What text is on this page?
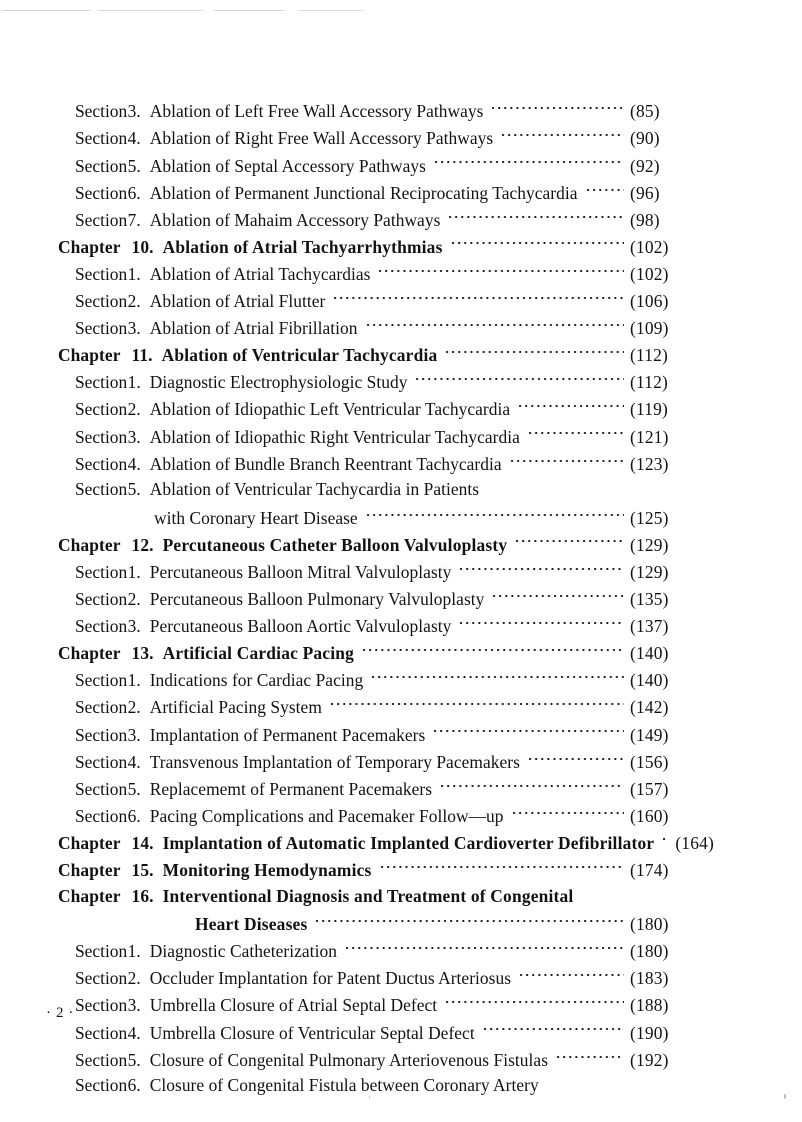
Section 3. Ablation of Left Free Wall Accessory Pathways	(85)
Section 4. Ablation of Right Free Wall Accessory Pathways	(90)
Section 5. Ablation of Septal Accessory Pathways	(92)
Section 6. Ablation of Permanent Junctional Reciprocating Tachycardia	(96)
Section 7. Ablation of Mahaim Accessory Pathways	(98)
Chapter 10. Ablation of Atrial Tachyarrhythmias	(102)
Section 1. Ablation of Atrial Tachycardias	(102)
Section 2. Ablation of Atrial Flutter	(106)
Section 3. Ablation of Atrial Fibrillation	(109)
Chapter 11. Ablation of Ventricular Tachycardia	(112)
Section 1. Diagnostic Electrophysiologic Study	(112)
Section 2. Ablation of Idiopathic Left Ventricular Tachycardia	(119)
Section 3. Ablation of Idiopathic Right Ventricular Tachycardia	(121)
Section 4. Ablation of Bundle Branch Reentrant Tachycardia	(123)
Section 5. Ablation of Ventricular Tachycardia in Patients
with Coronary Heart Disease	(125)
Chapter 12. Percutaneous Catheter Balloon Valvuloplasty	(129)
Section 1. Percutaneous Balloon Mitral Valvuloplasty	(129)
Section 2. Percutaneous Balloon Pulmonary Valvuloplasty	(135)
Section 3. Percutaneous Balloon Aortic Valvuloplasty	(137)
Chapter 13. Artificial Cardiac Pacing	(140)
Section 1. Indications for Cardiac Pacing	(140)
Section 2. Artificial Pacing System	(142)
Section 3. Implantation of Permanent Pacemakers	(149)
Section 4. Transvenous Implantation of Temporary Pacemakers	(156)
Section 5. Replacememt of Permanent Pacemakers	(157)
Section 6. Pacing Complications and Pacemaker Follow—up	(160)
Chapter 14. Implantation of Automatic Implanted Cardioverter Defibrillator (164)
Chapter 15. Monitoring Hemodynamics	(174)
Chapter 16. Interventional Diagnosis and Treatment of Congenital
Heart Diseases	(180)
Section 1. Diagnostic Catheterization	(180)
Section 2. Occluder Implantation for Patent Ductus Arteriosus	(183)
Section 3. Umbrella Closure of Atrial Septal Defect	(188)
Section 4. Umbrella Closure of Ventricular Septal Defect	(190)
Section 5. Closure of Congenital Pulmonary Arteriovenous Fistulas	(192)
Section 6. Closure of Congenital Fistula between Coronary Artery
· 2 ·
